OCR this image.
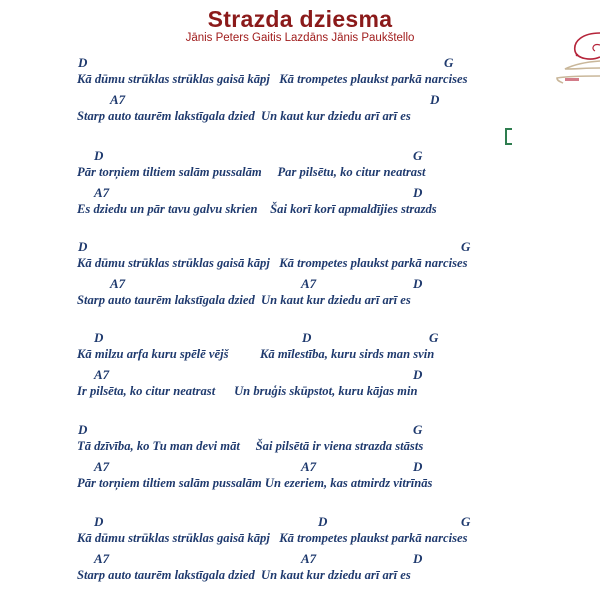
Strazda dziesma
Jānis Peters Gaitis Lazdāns Jānis Paukštello
D	G
Kā dūmu strūklas strūklas gaisā kāpj   Kā trompetes plaukst parkā narcises
A7	D
Starp auto taurēm lakstīgala dzied  Un kaut kur dziedu arī arī es
D	G
Pār torņiem tiltiem salām pussalām     Par pilsētu, ko citur neatrast
A7	D
Es dziedu un pār tavu galvu skrien    Šai korī korī apmaldījies strazds
D	G
Kā dūmu strūklas strūklas gaisā kāpj   Kā trompetes plaukst parkā narcises
A7	A7	D
Starp auto taurēm lakstīgala dzied  Un kaut kur dziedu arī arī es
D	D	G
Kā milzu arfa kuru spēlē vējš          Kā mīlestība, kuru sirds man svin
A7	D
Ir pilsēta, ko citur neatrast      Un bruģis skūpstot, kuru kājas min
D	G
Tā dzīvība, ko Tu man devi māt     Šai pilsētā ir viena strazda stāsts
A7	A7	D
Pār torņiem tiltiem salām pussalām Un ezeriem, kas atmirdz vitrīnās
D	D	G
Kā dūmu strūklas strūklas gaisā kāpj   Kā trompetes plaukst parkā narcises
A7	A7	D
Starp auto taurēm lakstīgala dzied  Un kaut kur dziedu arī arī es
